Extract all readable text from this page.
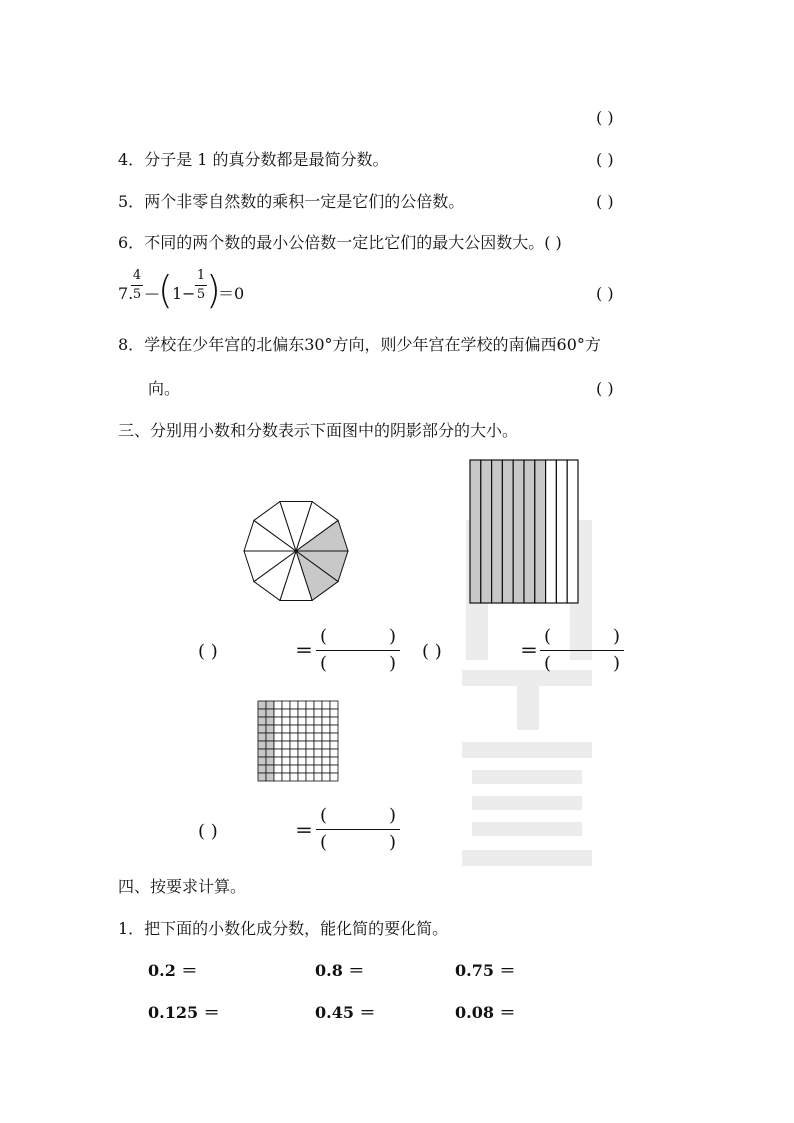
( )
4．分子是 1 的真分数都是最简分数。	( )
5．两个非零自然数的乘积一定是它们的公倍数。	( )
6．不同的两个数的最小公倍数一定比它们的最大公因数大。( )
7.
4
5 — ( 1 −
1
5 )
＝0	( )
8．学校在少年宫的北偏东30°方向，则少年宫在学校的南偏西60°方
向。	( )
三、分别用小数和分数表示下面图中的阴影部分的大小。
( )	＝
(	)
(	)
( )	＝
(	)
(	)
( )	＝
(	)
(	)
四、按要求计算。
1．把下面的小数化成分数，能化简的要化简。
0.2 ＝	0.8 ＝	0.75 ＝
0.125 ＝	0.45 ＝	0.08 ＝
